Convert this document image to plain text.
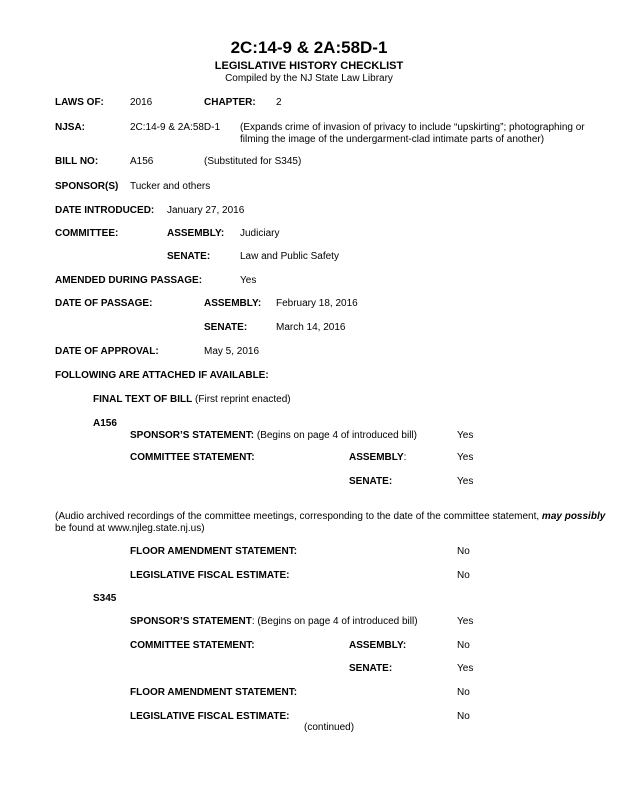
2C:14-9 & 2A:58D-1
LEGISLATIVE HISTORY CHECKLIST
Compiled by the NJ State Law Library
LAWS OF:	2016	CHAPTER: 2
NJSA:	2C:14-9 & 2A:58D-1 (Expands crime of invasion of privacy to include “upskirting”; photographing or
filming the image of the undergarment-clad intimate parts of another)
BILL NO:	A156	(Substituted for S345)
SPONSOR(S) Tucker and others
DATE INTRODUCED: January 27, 2016
COMMITTEE:	ASSEMBLY: Judiciary
SENATE:	Law and Public Safety
AMENDED DURING PASSAGE:	Yes
DATE OF PASSAGE:	ASSEMBLY: February 18, 2016
SENATE:	March 14, 2016
DATE OF APPROVAL:	May 5, 2016
FOLLOWING ARE ATTACHED IF AVAILABLE:
FINAL TEXT OF BILL (First reprint enacted)
A156
SPONSOR’S STATEMENT: (Begins on page 4 of introduced bill)	Yes
COMMITTEE STATEMENT:	ASSEMBLY:	Yes
SENATE:	Yes
(Audio archived recordings of the committee meetings, corresponding to the date of the committee statement, may possibly
be found at www.njleg.state.nj.us)
FLOOR AMENDMENT STATEMENT:	No
LEGISLATIVE FISCAL ESTIMATE:	No
S345
SPONSOR’S STATEMENT: (Begins on page 4 of introduced bill)	Yes
COMMITTEE STATEMENT:	ASSEMBLY:	No
SENATE:	Yes
FLOOR AMENDMENT STATEMENT:	No
LEGISLATIVE FISCAL ESTIMATE:	No
(continued)
